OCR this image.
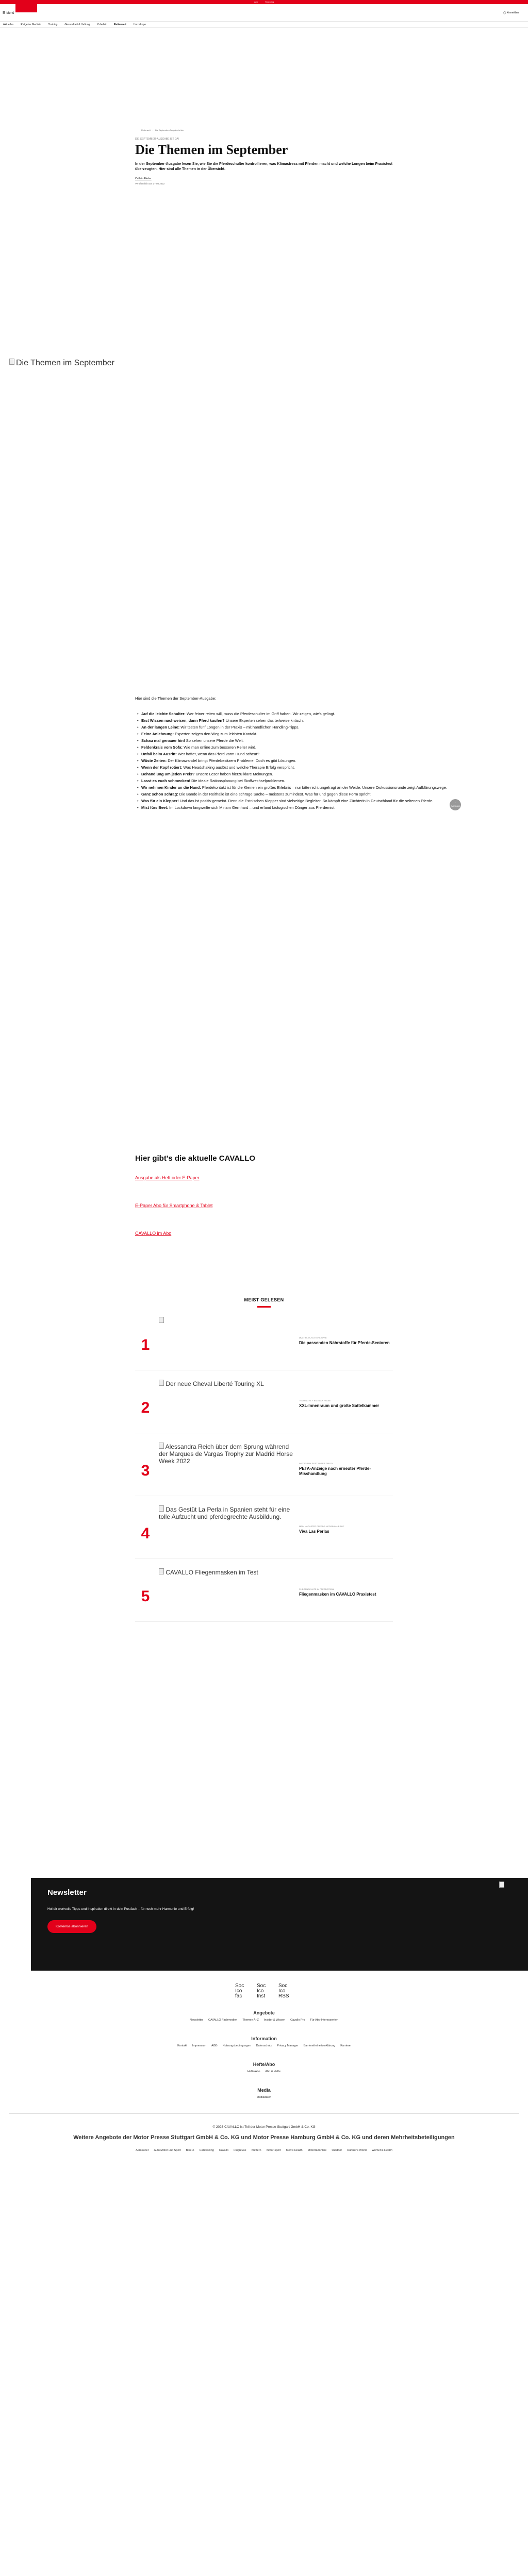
Abo	Shopping
☰ Menü	◯ Anmelden
Aktuelles	Ratgeber Medizin	Training	Gesundheit & Haltung	Zubehör	Reiterwelt	Horoskope
Reiterwelt › Die September-Ausgabe ist da
DIE SEPTEMBER-AUSGABE IST DA!
Die Themen im September

In der September-Ausgabe lesen Sie, wie Sie die Pferdeschulter kontrollieren, was Klimastress mit Pferden macht und welche Longen beim Praxistest überzeugten. Hier sind alle Themen in der Übersicht.

Cathrin Fleder
Veröffentlicht am 17.08.2022
Die Themen im September

Hier sind die Themen der September-Ausgabe:

• Auf die leichte Schulter: Wer feiner reiten will, muss die Pferdeschulter im Griff haben. Wir zeigen, wie's gelingt.
• Erst Wissen nachweisen, dann Pferd kaufen? Unsere Experten sehen das teilweise kritisch.
• An der langen Leine: Wir testen fünf Longen in der Praxis – mit handlichen Handling-Tipps.
• Feine Anlehnung: Experten zeigen den Weg zum leichten Kontakt.
• Schau mal genauer hin! So sehen unsere Pferde die Welt.
• Feldenkrais vom Sofa: Wie man online zum besseren Reiter wird.
• Unfall beim Ausritt: Wer haftet, wenn das Pferd vorm Hund scheut?
• Wüste Zeiten: Der Klimawandel bringt Pferdebesitzern Probleme. Doch es gibt Lösungen.
• Wenn der Kopf rotiert: Was Headshaking auslöst und welche Therapie Erfolg verspricht.
• Behandlung um jeden Preis? Unsere Leser haben hierzu klare Meinungen.
• Lasst es euch schmecken! Die ideale Rationsplanung bei Stoffwechselproblemen.
• Wir nehmen Kinder an die Hand: Pferdekontakt ist für die Kleinen ein großes Erlebnis – nur bitte nicht ungefragt an der Weide. Unsere Diskussionsrunde zeigt Aufklärungswege.
• Ganz schön schräg: Die Bande in der Reithalle ist eine schräge Sache – meistens zumindest. Was für und gegen diese Form spricht.
• Was für ein Klepper! Und das ist positiv gemeint. Denn die Estnischen Klepper sind vielseitige Begleiter. So kämpft eine Züchterin in Deutschland für die seltenen Pferde.
• Mist fürs Beet: Im Lockdown langweilte sich Miriam Gernhard – und erfand biologischen Dünger aus Pferdemist.
^
CAVALLO
Hier gibt's die aktuelle CAVALLO
Ausgabe als Heft oder E-Paper
E-Paper Abo für Smartphone & Tablet
CAVALLO im Abo
MEIST GELESEN
1	MULTIPLEX-FUTTERKRIPPE
Die passenden Nährstoffe für Pferde-Senioren
2
Der neue Cheval Liberté Touring XL
TOURING XL + BIG TACK ROOM
XXL-Innenraum und große Sattelkammer
3
Alessandra Reich über dem Sprung während der Marques de Vargas Trophy zur Madrid Horse Week 2022	INSTAGRAM-POST UNTER DRUCK
PETA-Anzeige nach erneuter Pferde-Misshandlung
4
Das Gestüt La Perla in Spanien steht für eine tolle Aufzucht und pferdegrechte Ausbildung.
MEIN NÄCHSTER PFERDE-NATURKLAUB AUF
Viva Las Perlas
5
CAVALLO Fliegenmasken im Test
FLIEGENSCHUTZ IM PFERDESTALL
Fliegenmasken im CAVALLO Praxistest
Newsletter

Hol dir wertvolle Tipps und Inspiration direkt in dein Postfach – für noch mehr Harmonie und Erfolg!

Kostenlos abonnieren
Soc Ico fac
Soc Ico Inst
Soc Ico RSS
Angebote
Newsletter CAVALLO Fachmedien Themen A–Z Insider & Wissen Cavallo Pro Für Abo-Interessenten
Information
Kontakt Impressum AGB Nutzungsbedingungen Datenschutz Privacy Manager Barrierefreiheitserklärung Karriere
Hefte/Abo
Hefte/Abo Abo & Hefte
Media
Mediadaten
© 2026 CAVALLO ist Teil der Motor Presse Stuttgart GmbH & Co. KG
Weitere Angebote der Motor Presse Stuttgart GmbH & Co. KG und Motor Presse Hamburg GmbH & Co. KG und deren Mehrheitsbeteiligungen
Aerokurier Auto Motor und Sport Bike X Caravaning Cavallo Flugrevue Klettern motor-sport Men's Health Motorradonline Outdoor Runner's World Women's Health
